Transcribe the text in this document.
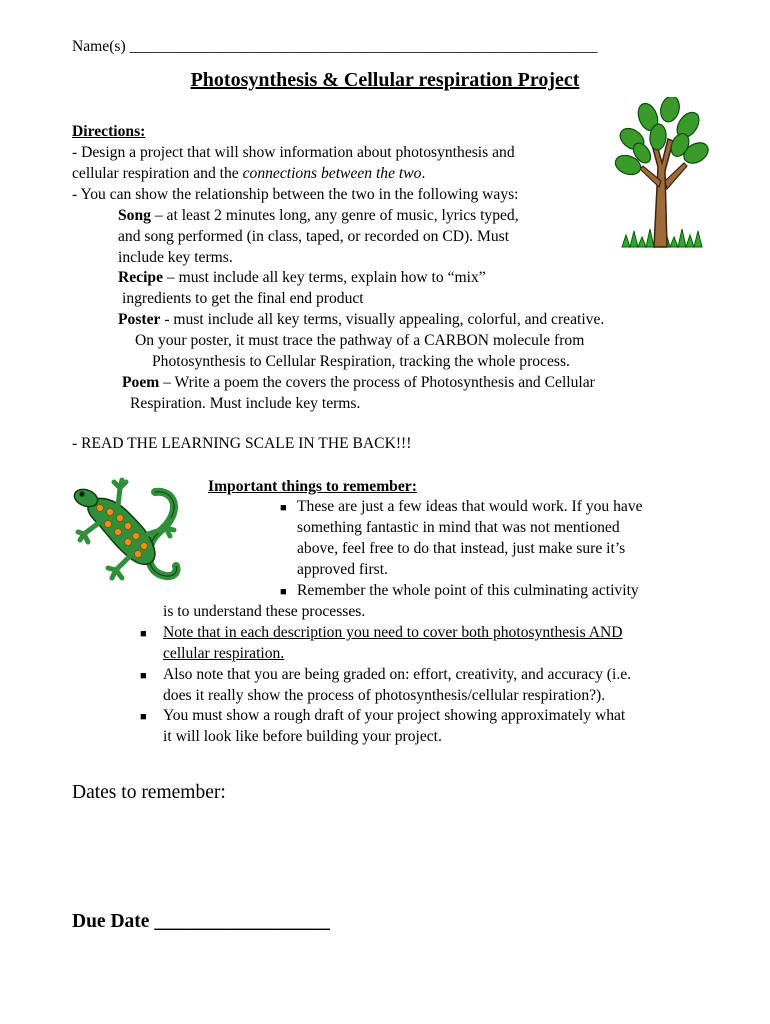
Name(s) ____________________________________________________________
Photosynthesis & Cellular respiration Project
Directions:
- Design a project that will show information about photosynthesis and
cellular respiration and the connections between the two.
- You can show the relationship between the two in the following ways:
Song – at least 2 minutes long, any genre of music, lyrics typed,
and song performed (in class, taped, or recorded on CD). Must
include key terms.
Recipe – must include all key terms, explain how to “mix”
ingredients to get the final end product
Poster - must include all key terms, visually appealing, colorful, and creative.
On your poster, it must trace the pathway of a CARBON molecule from
Photosynthesis to Cellular Respiration, tracking the whole process.
Poem – Write a poem the covers the process of Photosynthesis and Cellular
Respiration. Must include key terms.
- READ THE LEARNING SCALE IN THE BACK!!!
Important things to remember:
■ These are just a few ideas that would work. If you have
something fantastic in mind that was not mentioned
above, feel free to do that instead, just make sure it’s
approved first.
■ Remember the whole point of this culminating activity
is to understand these processes.
■ Note that in each description you need to cover both photosynthesis AND
cellular respiration.
■ Also note that you are being graded on: effort, creativity, and accuracy (i.e.
does it really show the process of photosynthesis/cellular respiration?).
■ You must show a rough draft of your project showing approximately what
it will look like before building your project.
Dates to remember:
Due Date __________________
